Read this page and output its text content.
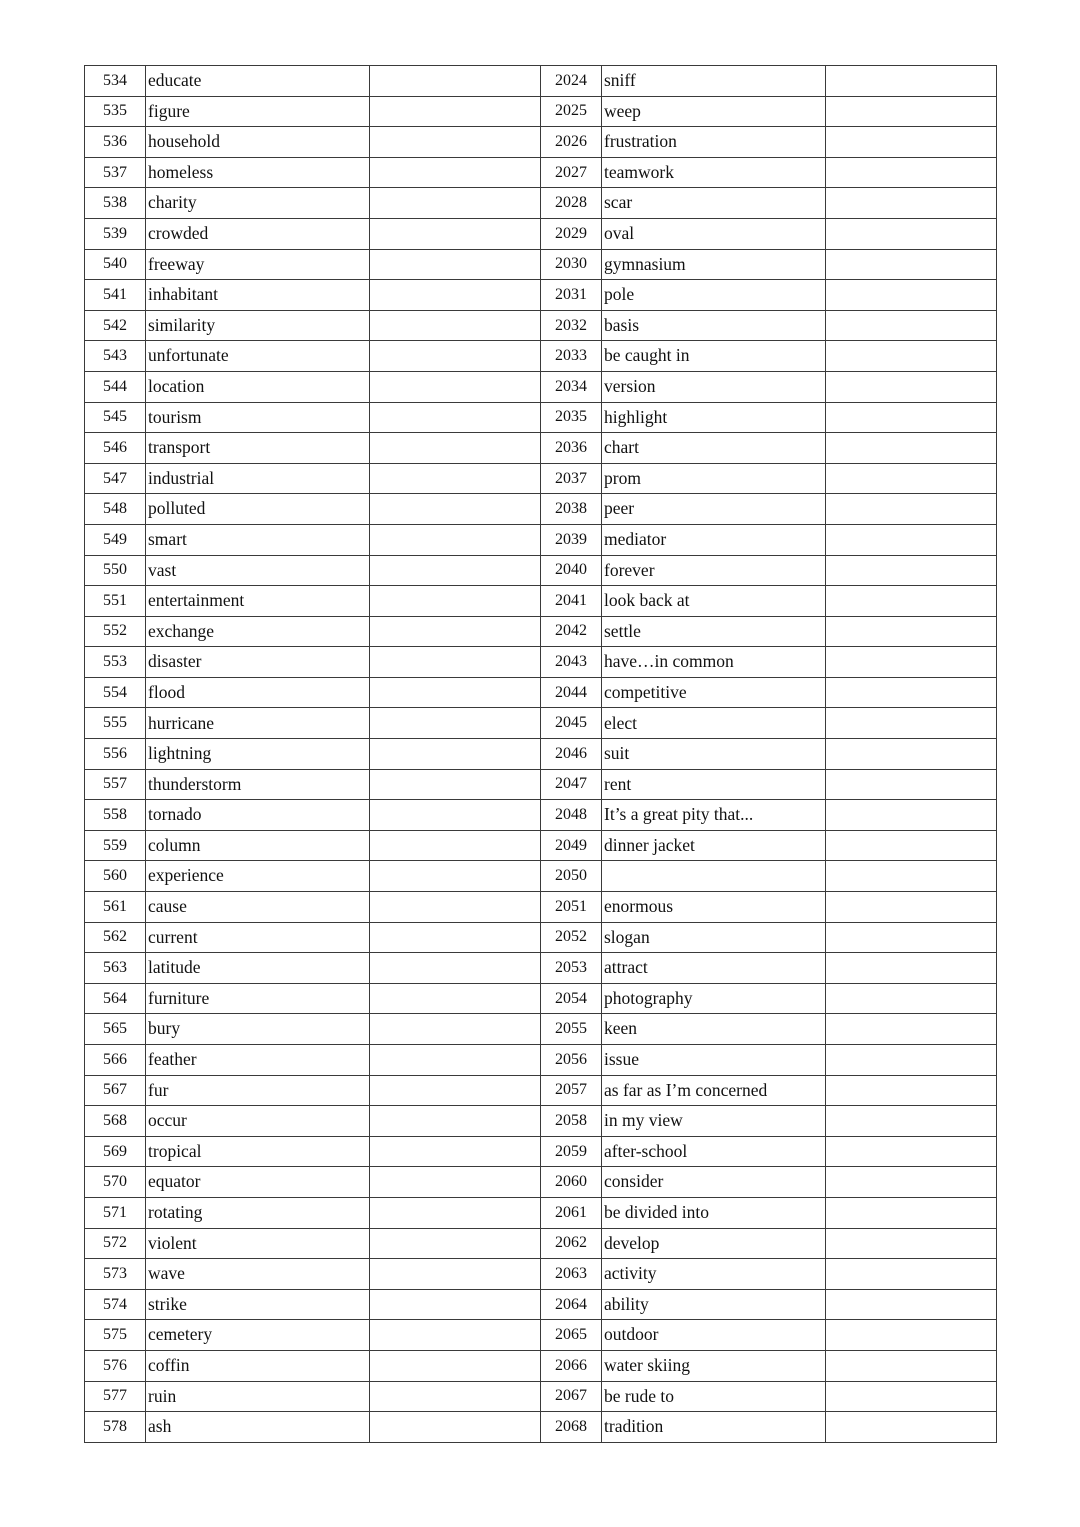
534	educate		2024	sniff	
535	figure		2025	weep	
536	household		2026	frustration	
537	homeless		2027	teamwork	
538	charity		2028	scar	
539	crowded		2029	oval	
540	freeway		2030	gymnasium	
541	inhabitant		2031	pole	
542	similarity		2032	basis	
543	unfortunate		2033	be caught in	
544	location		2034	version	
545	tourism		2035	highlight	
546	transport		2036	chart	
547	industrial		2037	prom	
548	polluted		2038	peer	
549	smart		2039	mediator	
550	vast		2040	forever	
551	entertainment		2041	look back at	
552	exchange		2042	settle	
553	disaster		2043	have…in common	
554	flood		2044	competitive	
555	hurricane		2045	elect	
556	lightning		2046	suit	
557	thunderstorm		2047	rent	
558	tornado		2048	It’s a great pity that...	
559	column		2049	dinner jacket	
560	experience		2050		
561	cause		2051	enormous	
562	current		2052	slogan	
563	latitude		2053	attract	
564	furniture		2054	photography	
565	bury		2055	keen	
566	feather		2056	issue	
567	fur		2057	as far as I’m concerned	
568	occur		2058	in my view	
569	tropical		2059	after-school	
570	equator		2060	consider	
571	rotating		2061	be divided into	
572	violent		2062	develop	
573	wave		2063	activity	
574	strike		2064	ability	
575	cemetery		2065	outdoor	
576	coffin		2066	water skiing	
577	ruin		2067	be rude to	
578	ash		2068	tradition	
